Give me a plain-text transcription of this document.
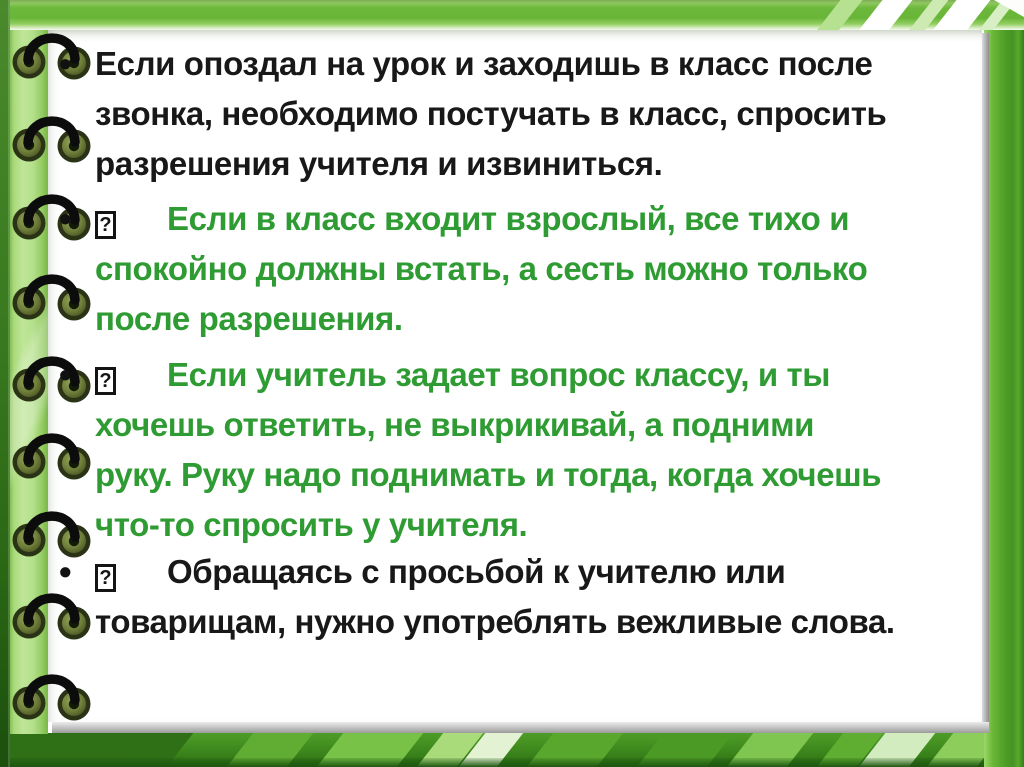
• Если опоздал на урок и заходишь в класс после
звонка, необходимо постучать в класс, спросить
разрешения учителя и извиниться.
• ? Если в класс входит взрослый, все тихо и
спокойно должны встать, а сесть можно только
после разрешения.
• ? Если учитель задает вопрос классу, и ты
хочешь ответить, не выкрикивай, а подними
руку. Руку надо поднимать и тогда, когда хочешь
что-то спросить у учителя.
• ? Обращаясь с просьбой к учителю или
товарищам, нужно употреблять вежливые слова.
